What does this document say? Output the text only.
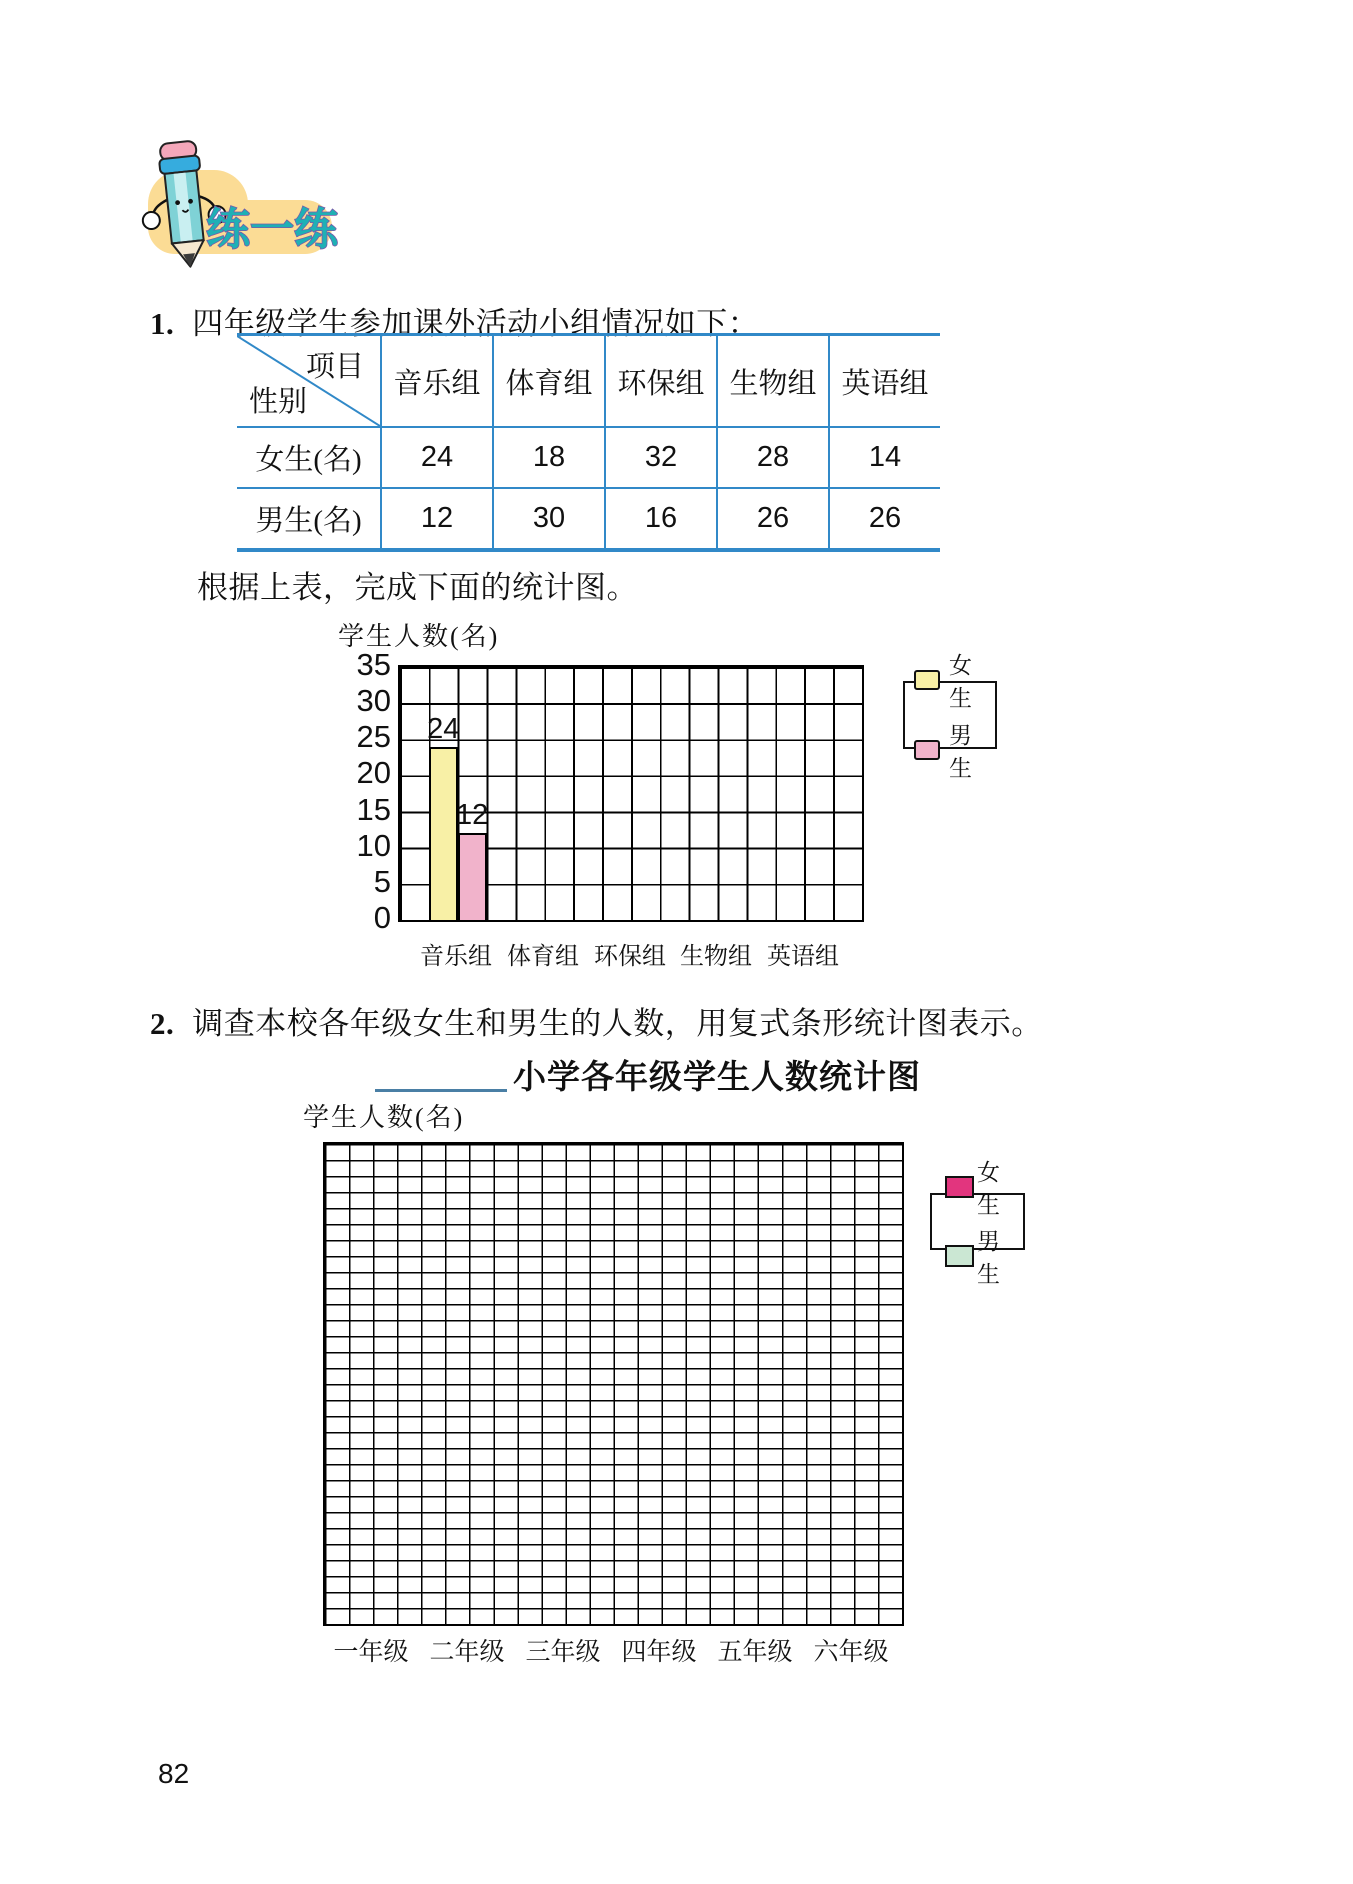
练一练
1. 四年级学生参加课外活动小组情况如下：
项目
性别
音乐组 体育组 环保组 生物组 英语组
女生(名)	24	18	32	28	14
男生(名)	12	30	16	26	26
根据上表，完成下面的统计图。
学生人数(名)
35
30
25
20
15
10
5
0
24
12
音乐组 体育组 环保组 生物组 英语组
女生
男生
2. 调查本校各年级女生和男生的人数，用复式条形统计图表示。
小学各年级学生人数统计图
学生人数(名)
一年级 二年级 三年级 四年级 五年级 六年级
女生
男生
82
